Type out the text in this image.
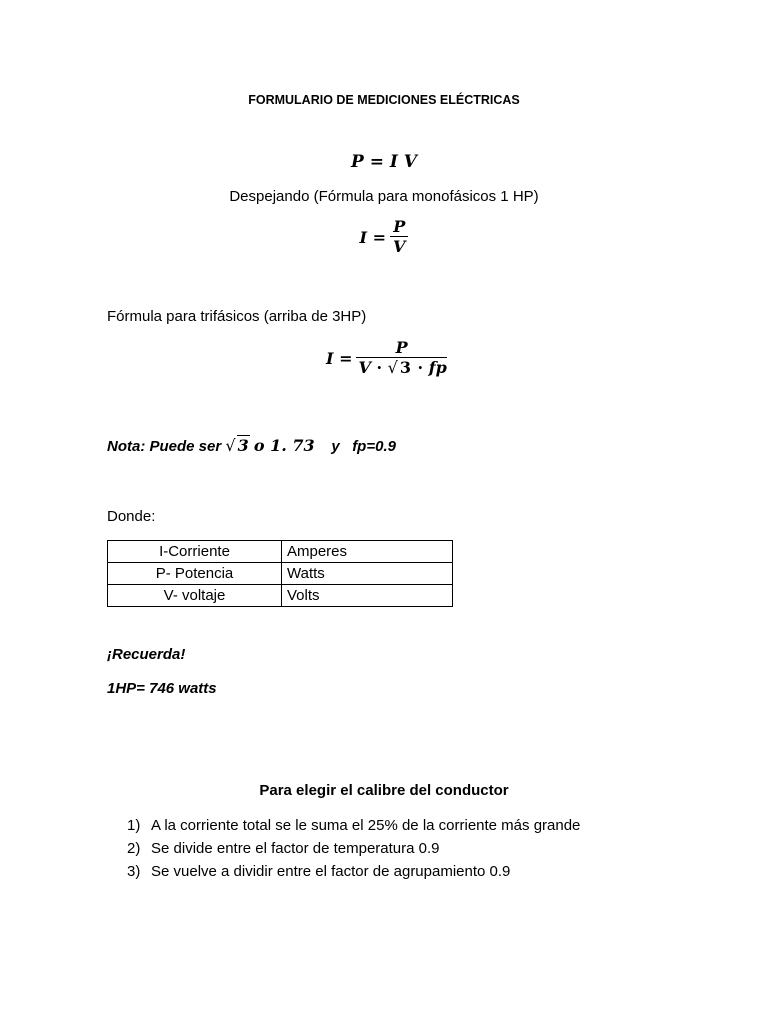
FORMULARIO DE MEDICIONES ELÉCTRICAS
P = I V
Despejando (Fórmula para monofásicos 1 HP)
$I = \frac{P}{V}$
Fórmula para trifásicos (arriba de 3HP)
$I = \frac{P}{V \cdot √ 3 \cdot fp}$
Nota: Puede ser √ 3 o 1. 73 y   fp=0.9
Donde:
I-Corriente	Amperes
P- Potencia	Watts
V- voltaje	Volts
¡Recuerda!
1HP= 746 watts
Para elegir el calibre del conductor
1) A la corriente total se le suma el 25% de la corriente más grande
2) Se divide entre el factor de temperatura 0.9
3) Se vuelve a dividir entre el factor de agrupamiento 0.9
